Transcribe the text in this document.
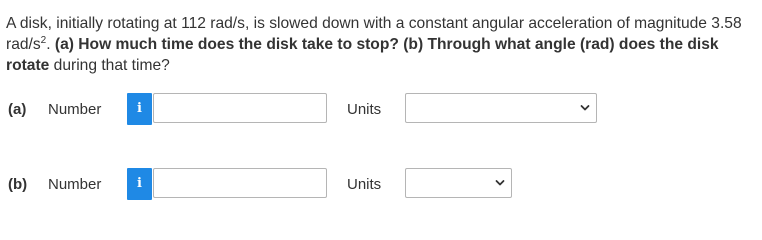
A disk, initially rotating at 112 rad/s, is slowed down with a constant angular acceleration of magnitude 3.58 rad/$s^2$. (a) How much time does the disk take to stop? (b) Through what angle (rad) does the disk rotate during that time?
(a) Number	i	Units
(b) Number	i	Units
